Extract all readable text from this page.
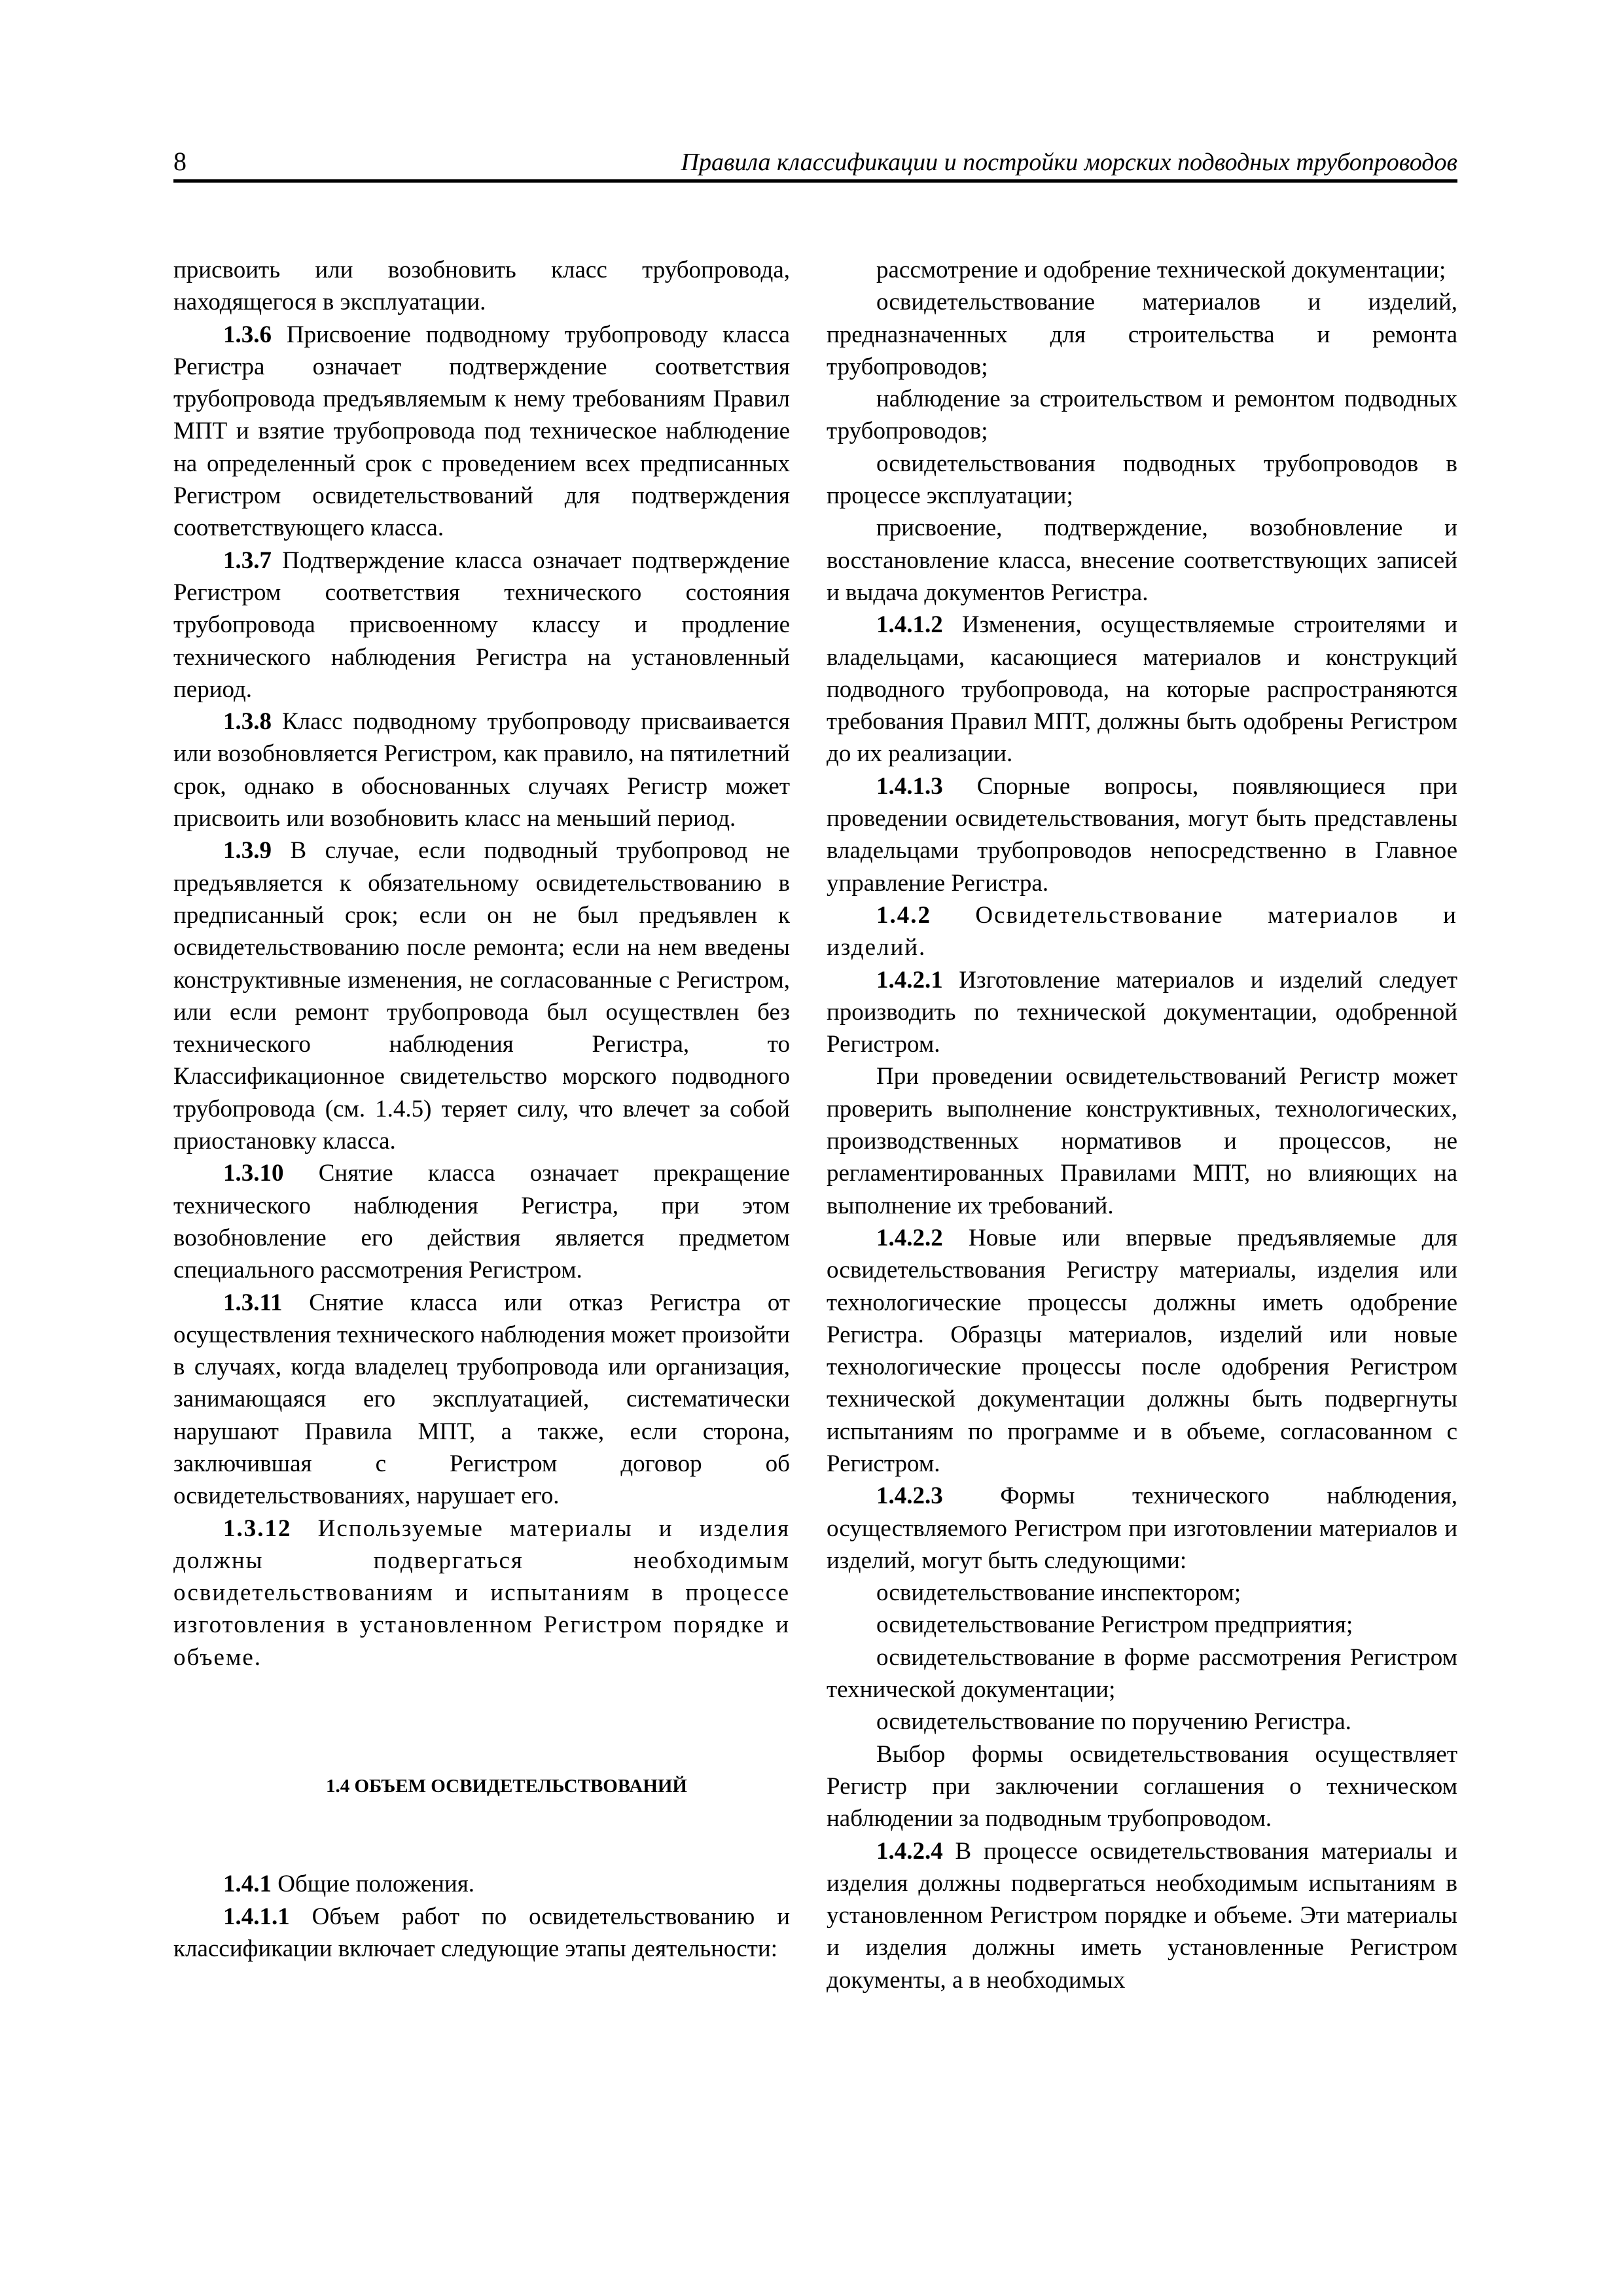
8	Правила классификации и постройки морских подводных трубопроводов

присвоить или возобновить класс трубопровода, находящегося в эксплуатации.

1.3.6 Присвоение подводному трубопроводу класса Регистра означает подтверждение соответствия трубопровода предъявляемым к нему требованиям Правил МПТ и взятие трубопровода под техническое наблюдение на определенный срок с проведением всех предписанных Регистром освидетельствований для подтверждения соответствующего класса.

1.3.7 Подтверждение класса означает подтверждение Регистром соответствия технического состояния трубопровода присвоенному классу и продление технического наблюдения Регистра на установленный период.

1.3.8 Класс подводному трубопроводу присваивается или возобновляется Регистром, как правило, на пятилетний срок, однако в обоснованных случаях Регистр может присвоить или возобновить класс на меньший период.

1.3.9 В случае, если подводный трубопровод не предъявляется к обязательному освидетельствованию в предписанный срок; если он не был предъявлен к освидетельствованию после ремонта; если на нем введены конструктивные изменения, не согласованные с Регистром, или если ремонт трубопровода был осуществлен без технического наблюдения Регистра, то Классификационное свидетельство морского подводного трубопровода (см. 1.4.5) теряет силу, что влечет за собой приостановку класса.

1.3.10 Снятие класса означает прекращение технического наблюдения Регистра, при этом возобновление его действия является предметом специального рассмотрения Регистром.

1.3.11 Снятие класса или отказ Регистра от осуществления технического наблюдения может произойти в случаях, когда владелец трубопровода или организация, занимающаяся его эксплуатацией, систематически нарушают Правила МПТ, а также, если сторона, заключившая с Регистром договор об освидетельствованиях, нарушает его.

1.3.12 Используемые материалы и изделия должны подвергаться необходимым освидетельствованиям и испытаниям в процессе изготовления в установленном Регистром порядке и объеме.

1.4 ОБЪЕМ ОСВИДЕТЕЛЬСТВОВАНИЙ

1.4.1 Общие положения.

1.4.1.1 Объем работ по освидетельствованию и классификации включает следующие этапы деятельности:

рассмотрение и одобрение технической документации;

освидетельствование материалов и изделий, предназначенных для строительства и ремонта трубопроводов;

наблюдение за строительством и ремонтом подводных трубопроводов;

освидетельствования подводных трубопроводов в процессе эксплуатации;

присвоение, подтверждение, возобновление и восстановление класса, внесение соответствующих записей и выдача документов Регистра.

1.4.1.2 Изменения, осуществляемые строителями и владельцами, касающиеся материалов и конструкций подводного трубопровода, на которые распространяются требования Правил МПТ, должны быть одобрены Регистром до их реализации.

1.4.1.3 Спорные вопросы, появляющиеся при проведении освидетельствования, могут быть представлены владельцами трубопроводов непосредственно в Главное управление Регистра.

1.4.2 Освидетельствование материалов и изделий.

1.4.2.1 Изготовление материалов и изделий следует производить по технической документации, одобренной Регистром.

При проведении освидетельствований Регистр может проверить выполнение конструктивных, технологических, производственных нормативов и процессов, не регламентированных Правилами МПТ, но влияющих на выполнение их требований.

1.4.2.2 Новые или впервые предъявляемые для освидетельствования Регистру материалы, изделия или технологические процессы должны иметь одобрение Регистра. Образцы материалов, изделий или новые технологические процессы после одобрения Регистром технической документации должны быть подвергнуты испытаниям по программе и в объеме, согласованном с Регистром.

1.4.2.3 Формы технического наблюдения, осуществляемого Регистром при изготовлении материалов и изделий, могут быть следующими:

освидетельствование инспектором;

освидетельствование Регистром предприятия;

освидетельствование в форме рассмотрения Регистром технической документации;

освидетельствование по поручению Регистра.

Выбор формы освидетельствования осуществляет Регистр при заключении соглашения о техническом наблюдении за подводным трубопроводом.

1.4.2.4 В процессе освидетельствования материалы и изделия должны подвергаться необходимым испытаниям в установленном Регистром порядке и объеме. Эти материалы и изделия должны иметь установленные Регистром документы, а в необходимых
